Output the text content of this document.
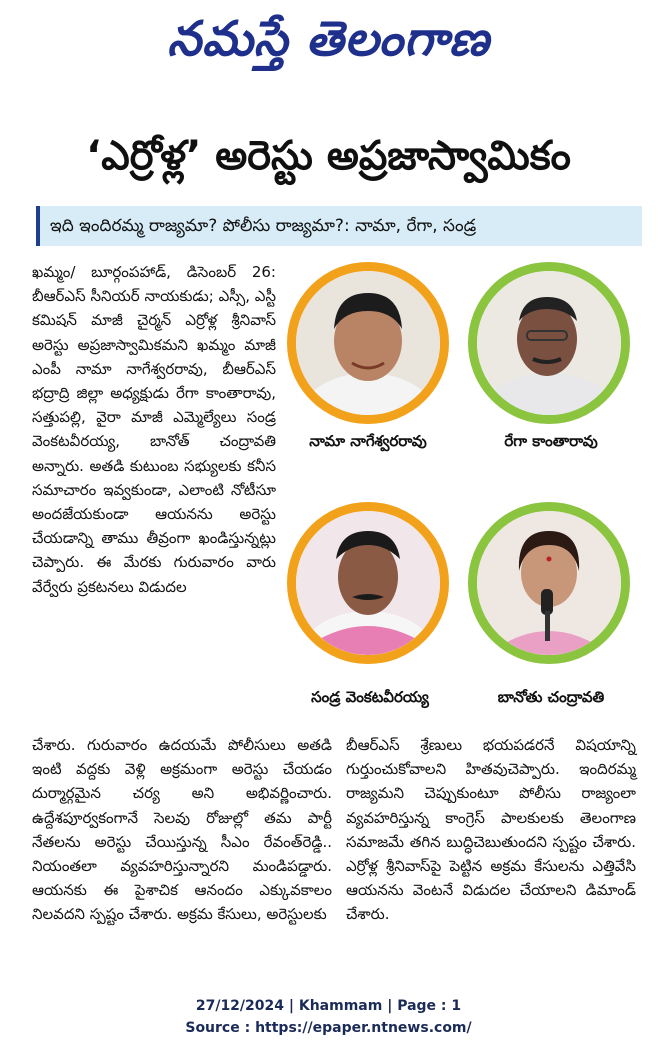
నమస్తే తెలంగాణ
‘ఎర్రోళ్ల’ అరెస్టు అప్రజాస్వామికం
ఇది ఇందిరమ్మ రాజ్యమా? పోలీసు రాజ్యమా?: నామా, రేగా, సండ్ర

ఖమ్మం/ బూర్గంపహాడ్, డిసెంబర్ 26: బీఆర్‌ఎస్ సీనియర్ నాయకుడు; ఎస్సీ, ఎస్టీ కమిషన్ మాజీ చైర్మన్ ఎర్రోళ్ల శ్రీనివాస్ అరెస్టు అప్రజాస్వామికమని ఖమ్మం మాజీ ఎంపీ నామా నాగేశ్వరరావు, బీఆర్‌ఎస్ భద్రాద్రి జిల్లా అధ్యక్షుడు రేగా కాంతారావు, సత్తుపల్లి, వైరా మాజీ ఎమ్మెల్యేలు సండ్ర వెంకటవీరయ్య, బానోత్ చంద్రావతి అన్నారు. అతడి కుటుంబ సభ్యులకు కనీస సమాచారం ఇవ్వకుండా, ఎలాంటి నోటీసూ అందజేయకుండా ఆయనను అరెస్టు చేయడాన్ని తాము తీవ్రంగా ఖండిస్తున్నట్లు చెప్పారు. ఈ మేరకు గురువారం వారు వేర్వేరు ప్రకటనలు విడుదల

నామా నాగేశ్వరరావు	రేగా కాంతారావు
సండ్ర వెంకటవీరయ్య	బానోతు చంద్రావతి

చేశారు. గురువారం ఉదయమే పోలీసులు అతడి ఇంటి వద్దకు వెళ్లి అక్రమంగా అరెస్టు చేయడం దుర్మార్గమైన చర్య అని అభివర్ణించారు. ఉద్దేశపూర్వకంగానే సెలవు రోజుల్లో తమ పార్టీ నేతలను అరెస్టు చేయిస్తున్న సీఎం రేవంత్‌రెడ్డి.. నియంతలా వ్యవహరిస్తున్నారని మండిపడ్డారు. ఆయనకు ఈ పైశాచిక ఆనందం ఎక్కువకాలం నిలవదని స్పష్టం చేశారు. అక్రమ కేసులు, అరెస్టులకు

బీఆర్‌ఎస్ శ్రేణులు భయపడరనే విషయాన్ని గుర్తుంచుకోవాలని హితవుచెప్పారు. ఇందిరమ్మ రాజ్యమని చెప్పుకుంటూ పోలీసు రాజ్యంలా వ్యవహరిస్తున్న కాంగ్రెస్ పాలకులకు తెలంగాణ సమాజమే తగిన బుద్ధిచెబుతుందని స్పష్టం చేశారు. ఎర్రోళ్ల శ్రీనివాస్‌పై పెట్టిన అక్రమ కేసులను ఎత్తివేసి ఆయనను వెంటనే విడుదల చేయాలని డిమాండ్ చేశారు.

27/12/2024 | Khammam | Page : 1
Source : https://epaper.ntnews.com/
